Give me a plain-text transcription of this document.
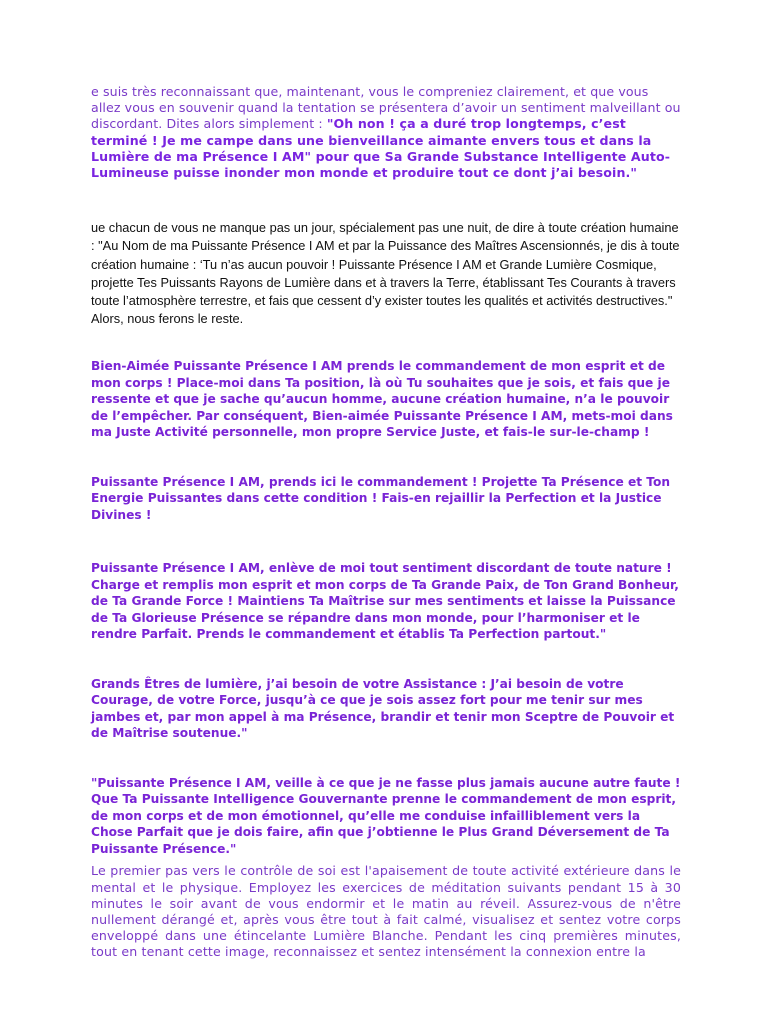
e suis très reconnaissant que, maintenant, vous le compreniez clairement, et que vous allez vous en souvenir quand la tentation se présentera d’avoir un sentiment malveillant ou discordant. Dites alors simplement : "Oh non ! ça a duré trop longtemps, c’est terminé ! Je me campe dans une bienveillance aimante envers tous et dans la Lumière de ma Présence I AM" pour que Sa Grande Substance Intelligente Auto-Lumineuse puisse inonder mon monde et produire tout ce dont j’ai besoin."

ue chacun de vous ne manque pas un jour, spécialement pas une nuit, de dire à toute création humaine : "Au Nom de ma Puissante Présence I AM et par la Puissance des Maîtres Ascensionnés, je dis à toute création humaine : ‘Tu n’as aucun pouvoir ! Puissante Présence I AM et Grande Lumière Cosmique, projette Tes Puissants Rayons de Lumière dans et à travers la Terre, établissant Tes Courants à travers toute l’atmosphère terrestre, et fais que cessent d’y exister toutes les qualités et activités destructives." Alors, nous ferons le reste.

Bien-Aimée Puissante Présence I AM prends le commandement de mon esprit et de mon corps ! Place-moi dans Ta position, là où Tu souhaites que je sois, et fais que je ressente et que je sache qu’aucun homme, aucune création humaine, n’a le pouvoir de l’empêcher. Par conséquent, Bien-aimée Puissante Présence I AM, mets-moi dans ma Juste Activité personnelle, mon propre Service Juste, et fais-le sur-le-champ !

Puissante Présence I AM, prends ici le commandement ! Projette Ta Présence et Ton Energie Puissantes dans cette condition ! Fais-en rejaillir la Perfection et la Justice Divines !

Puissante Présence I AM, enlève de moi tout sentiment discordant de toute nature ! Charge et remplis mon esprit et mon corps de Ta Grande Paix, de Ton Grand Bonheur, de Ta Grande Force ! Maintiens Ta Maîtrise sur mes sentiments et laisse la Puissance de Ta Glorieuse Présence se répandre dans mon monde, pour l’harmoniser et le rendre Parfait. Prends le commandement et établis Ta Perfection partout."

Grands Êtres de lumière, j’ai besoin de votre Assistance : J’ai besoin de votre Courage, de votre Force, jusqu’à ce que je sois assez fort pour me tenir sur mes jambes et, par mon appel à ma Présence, brandir et tenir mon Sceptre de Pouvoir et de Maîtrise soutenue."

"Puissante Présence I AM, veille à ce que je ne fasse plus jamais aucune autre faute ! Que Ta Puissante Intelligence Gouvernante prenne le commandement de mon esprit, de mon corps et de mon émotionnel, qu’elle me conduise infailliblement vers la Chose Parfait que je dois faire, afin que j’obtienne le Plus Grand Déversement de Ta Puissante Présence."

Le premier pas vers le contrôle de soi est l'apaisement de toute activité extérieure dans le mental et le physique. Employez les exercices de méditation suivants pendant 15 à 30 minutes le soir avant de vous endormir et le matin au réveil. Assurez-vous de n'être nullement dérangé et, après vous être tout à fait calmé, visualisez et sentez votre corps enveloppé dans une étincelante Lumière Blanche. Pendant les cinq premières minutes, tout en tenant cette image, reconnaissez et sentez intensément la connexion entre la
